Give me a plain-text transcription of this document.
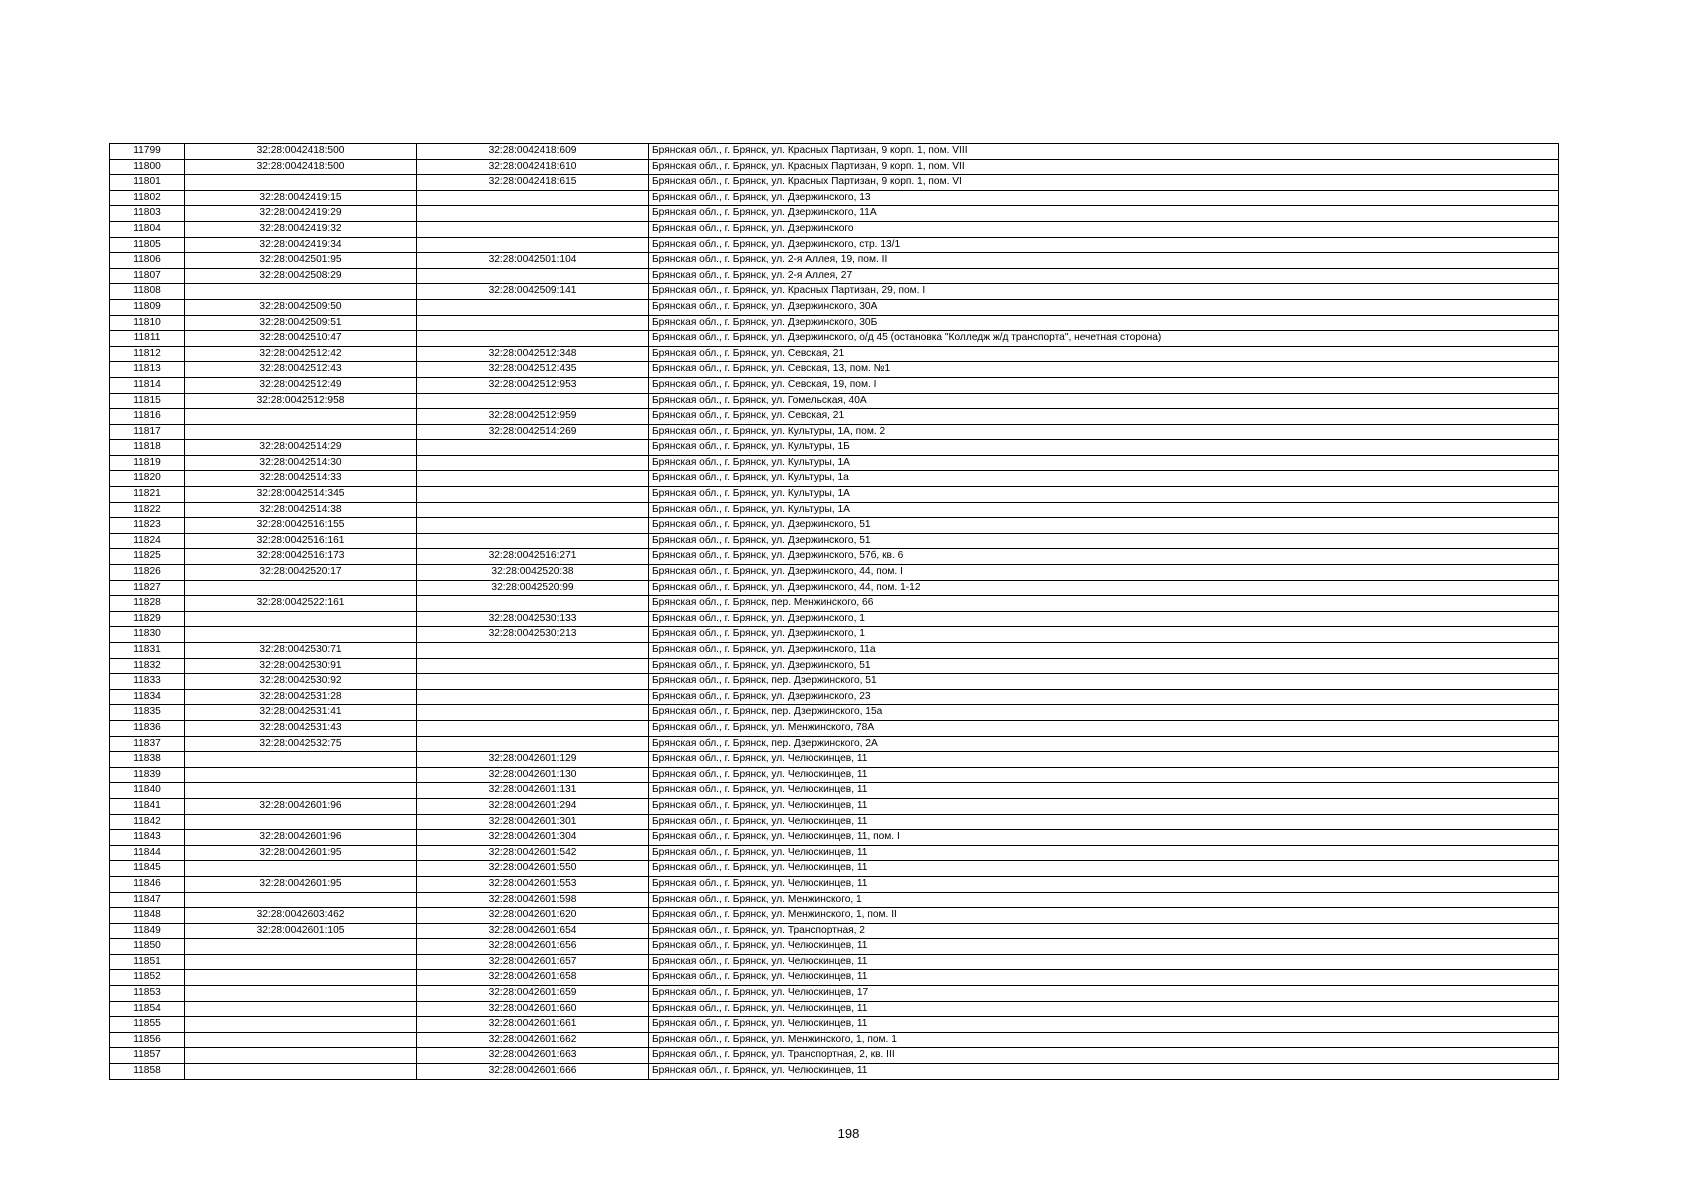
11799	32:28:0042418:500	32:28:0042418:609	Брянская обл., г. Брянск, ул. Красных Партизан, 9 корп. 1, пом. VIII
11800	32:28:0042418:500	32:28:0042418:610	Брянская обл., г. Брянск, ул. Красных Партизан, 9 корп. 1, пом. VII
11801		32:28:0042418:615	Брянская обл., г. Брянск, ул. Красных Партизан, 9 корп. 1, пом. VI
11802	32:28:0042419:15		Брянская обл., г. Брянск, ул. Дзержинского, 13
11803	32:28:0042419:29		Брянская обл., г. Брянск, ул. Дзержинского, 11А
11804	32:28:0042419:32		Брянская обл., г. Брянск, ул. Дзержинского
11805	32:28:0042419:34		Брянская обл., г. Брянск, ул. Дзержинского, стр. 13/1
11806	32:28:0042501:95	32:28:0042501:104	Брянская обл., г. Брянск, ул. 2-я Аллея, 19, пом. II
11807	32:28:0042508:29		Брянская обл., г. Брянск, ул. 2-я Аллея, 27
11808		32:28:0042509:141	Брянская обл., г. Брянск, ул. Красных Партизан, 29, пом. I
11809	32:28:0042509:50		Брянская обл., г. Брянск, ул. Дзержинского, 30А
11810	32:28:0042509:51		Брянская обл., г. Брянск, ул. Дзержинского, 30Б
11811	32:28:0042510:47		Брянская обл., г. Брянск, ул. Дзержинского, о/д 45 (остановка "Колледж ж/д транспорта", нечетная сторона)
11812	32:28:0042512:42	32:28:0042512:348	Брянская обл., г. Брянск, ул. Севская, 21
11813	32:28:0042512:43	32:28:0042512:435	Брянская обл., г. Брянск, ул. Севская, 13, пом. №1
11814	32:28:0042512:49	32:28:0042512:953	Брянская обл., г. Брянск, ул. Севская, 19, пом. I
11815	32:28:0042512:958		Брянская обл., г. Брянск, ул. Гомельская, 40А
11816		32:28:0042512:959	Брянская обл., г. Брянск, ул. Севская, 21
11817		32:28:0042514:269	Брянская обл., г. Брянск, ул. Культуры, 1А, пом. 2
11818	32:28:0042514:29		Брянская обл., г. Брянск, ул. Культуры, 1Б
11819	32:28:0042514:30		Брянская обл., г. Брянск, ул. Культуры, 1А
11820	32:28:0042514:33		Брянская обл., г. Брянск, ул. Культуры, 1а
11821	32:28:0042514:345		Брянская обл., г. Брянск, ул. Культуры, 1А
11822	32:28:0042514:38		Брянская обл., г. Брянск, ул. Культуры, 1А
11823	32:28:0042516:155		Брянская обл., г. Брянск, ул. Дзержинского, 51
11824	32:28:0042516:161		Брянская обл., г. Брянск, ул. Дзержинского, 51
11825	32:28:0042516:173	32:28:0042516:271	Брянская обл., г. Брянск, ул. Дзержинского, 57б, кв. 6
11826	32:28:0042520:17	32:28:0042520:38	Брянская обл., г. Брянск, ул. Дзержинского, 44, пом. I
11827		32:28:0042520:99	Брянская обл., г. Брянск, ул. Дзержинского, 44, пом. 1-12
11828	32:28:0042522:161		Брянская обл., г. Брянск, пер. Менжинского, 66
11829		32:28:0042530:133	Брянская обл., г. Брянск, ул. Дзержинского, 1
11830		32:28:0042530:213	Брянская обл., г. Брянск, ул. Дзержинского, 1
11831	32:28:0042530:71		Брянская обл., г. Брянск, ул. Дзержинского, 11а
11832	32:28:0042530:91		Брянская обл., г. Брянск, ул. Дзержинского, 51
11833	32:28:0042530:92		Брянская обл., г. Брянск, пер. Дзержинского, 51
11834	32:28:0042531:28		Брянская обл., г. Брянск, ул. Дзержинского, 23
11835	32:28:0042531:41		Брянская обл., г. Брянск, пер. Дзержинского, 15а
11836	32:28:0042531:43		Брянская обл., г. Брянск, ул. Менжинского, 78А
11837	32:28:0042532:75		Брянская обл., г. Брянск, пер. Дзержинского, 2А
11838		32:28:0042601:129	Брянская обл., г. Брянск, ул. Челюскинцев, 11
11839		32:28:0042601:130	Брянская обл., г. Брянск, ул. Челюскинцев, 11
11840		32:28:0042601:131	Брянская обл., г. Брянск, ул. Челюскинцев, 11
11841	32:28:0042601:96	32:28:0042601:294	Брянская обл., г. Брянск, ул. Челюскинцев, 11
11842		32:28:0042601:301	Брянская обл., г. Брянск, ул. Челюскинцев, 11
11843	32:28:0042601:96	32:28:0042601:304	Брянская обл., г. Брянск, ул. Челюскинцев, 11, пом. I
11844	32:28:0042601:95	32:28:0042601:542	Брянская обл., г. Брянск, ул. Челюскинцев, 11
11845		32:28:0042601:550	Брянская обл., г. Брянск, ул. Челюскинцев, 11
11846	32:28:0042601:95	32:28:0042601:553	Брянская обл., г. Брянск, ул. Челюскинцев, 11
11847		32:28:0042601:598	Брянская обл., г. Брянск, ул. Менжинского, 1
11848	32:28:0042603:462	32:28:0042601:620	Брянская обл., г. Брянск, ул. Менжинского, 1, пом. II
11849	32:28:0042601:105	32:28:0042601:654	Брянская обл., г. Брянск, ул. Транспортная, 2
11850		32:28:0042601:656	Брянская обл., г. Брянск, ул. Челюскинцев, 11
11851		32:28:0042601:657	Брянская обл., г. Брянск, ул. Челюскинцев, 11
11852		32:28:0042601:658	Брянская обл., г. Брянск, ул. Челюскинцев, 11
11853		32:28:0042601:659	Брянская обл., г. Брянск, ул. Челюскинцев, 17
11854		32:28:0042601:660	Брянская обл., г. Брянск, ул. Челюскинцев, 11
11855		32:28:0042601:661	Брянская обл., г. Брянск, ул. Челюскинцев, 11
11856		32:28:0042601:662	Брянская обл., г. Брянск, ул. Менжинского, 1, пом. 1
11857		32:28:0042601:663	Брянская обл., г. Брянск, ул. Транспортная, 2, кв. III
11858		32:28:0042601:666	Брянская обл., г. Брянск, ул. Челюскинцев, 11
198
